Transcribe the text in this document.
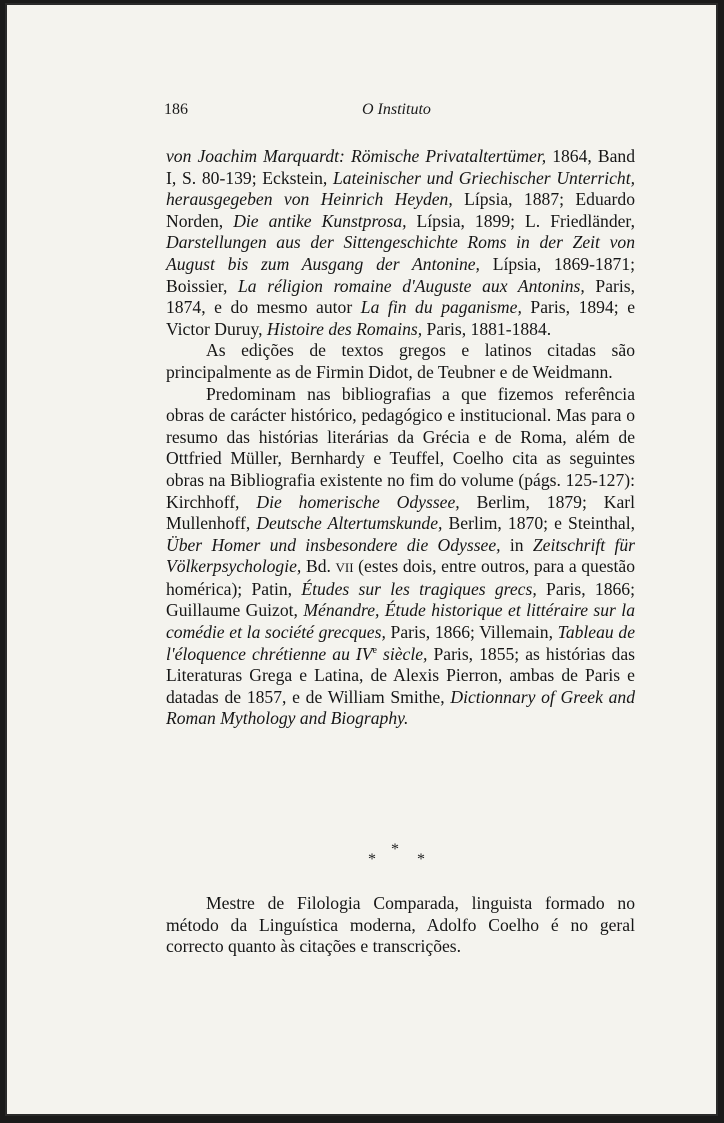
186	O Instituto

von Joachim Marquardt: Römische Privataltertümer, 1864, Band I, S. 80-139; Eckstein, Lateinischer und Griechischer Unterricht, herausgegeben von Heinrich Heyden, Lípsia, 1887; Eduardo Norden, Die antike Kunstprosa, Lípsia, 1899; L. Friedländer, Darstellungen aus der Sittengeschichte Roms in der Zeit von August bis zum Ausgang der Antonine, Lípsia, 1869-1871; Boissier, La réligion romaine d'Auguste aux Antonins, Paris, 1874, e do mesmo autor La fin du paganisme, Paris, 1894; e Victor Duruy, Histoire des Romains, Paris, 1881-1884.

As edições de textos gregos e latinos citadas são principalmente as de Firmin Didot, de Teubner e de Weidmann.

Predominam nas bibliografias a que fizemos referência obras de carácter histórico, pedagógico e institucional. Mas para o resumo das histórias literárias da Grécia e de Roma, além de Ottfried Müller, Bernhardy e Teuffel, Coelho cita as seguintes obras na Bibliografia existente no fim do volume (págs. 125-127): Kirchhoff, Die homerische Odyssee, Berlim, 1879; Karl Mullenhoff, Deutsche Altertumskunde, Berlim, 1870; e Steinthal, Über Homer und insbesondere die Odyssee, in Zeitschrift für Völkerpsychologie, Bd. VII (estes dois, entre outros, para a questão homérica); Patin, Études sur les tragiques grecs, Paris, 1866; Guillaume Guizot, Ménandre, Étude historique et littéraire sur la comédie et la société grecques, Paris, 1866; Villemain, Tableau de l'éloquence chrétienne au IVe siècle, Paris, 1855; as histórias das Literaturas Grega e Latina, de Alexis Pierron, ambas de Paris e datadas de 1857, e de William Smithe, Dictionnary of Greek and Roman Mythology and Biography.

*
*	*

Mestre de Filologia Comparada, linguista formado no método da Linguística moderna, Adolfo Coelho é no geral correcto quanto às citações e transcrições.
